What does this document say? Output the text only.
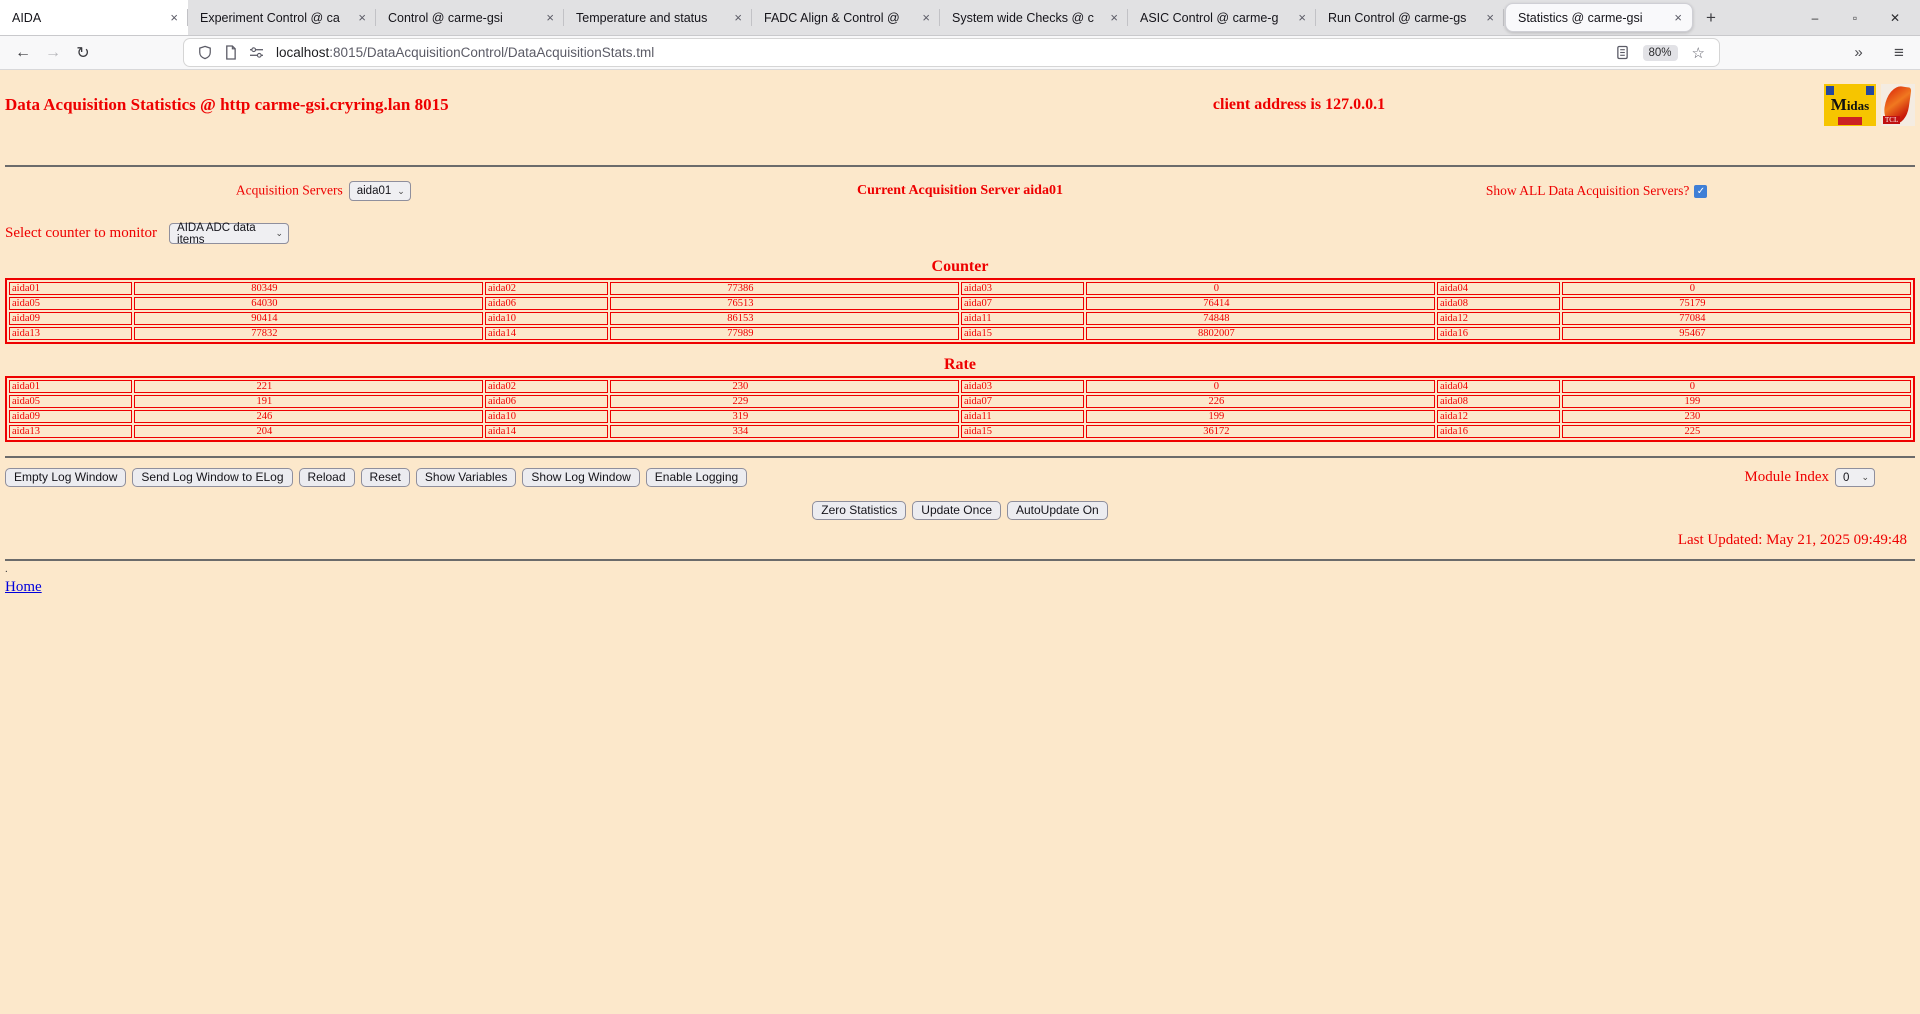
AIDA	×	Experiment Control @ ca	×	Control @ carme-gsi	×	Temperature and status	×	FADC Align & Control @	×	System wide Checks @ c	×	ASIC Control @ carme-g	×	Run Control @ carme-gs	×	Statistics @ carme-gsi	×	+	–	▫	✕
← → ↻	localhost:8015/DataAcquisitionControl/DataAcquisitionStats.tml	80%	☆	»	≡
Data Acquisition Statistics @ http carme-gsi.cryring.lan 8015	client address is 127.0.0.1	Midas
TCL
Acquisition Servers aida01 ⌄	Current Acquisition Server aida01	Show ALL Data Acquisition Servers? ✓
Select counter to monitor AIDA ADC data items
⌄
Counter
aida01	80349	aida02	77386	aida03	0	aida04	0
aida05	64030	aida06	76513	aida07	76414	aida08	75179
aida09	90414	aida10	86153	aida11	74848	aida12	77084
aida13	77832	aida14	77989	aida15	8802007	aida16	95467
Rate
aida01	221	aida02	230	aida03	0	aida04	0
aida05	191	aida06	229	aida07	226	aida08	199
aida09	246	aida10	319	aida11	199	aida12	230
aida13	204	aida14	334	aida15	36172	aida16	225
Empty Log Window	Send Log Window to ELog	Reload	Reset	Show Variables	Show Log Window	Enable Logging	Module Index 0 ⌄
Zero Statistics	Update Once	AutoUpdate On
Last Updated: May 21, 2025 09:49:48
.
Home
